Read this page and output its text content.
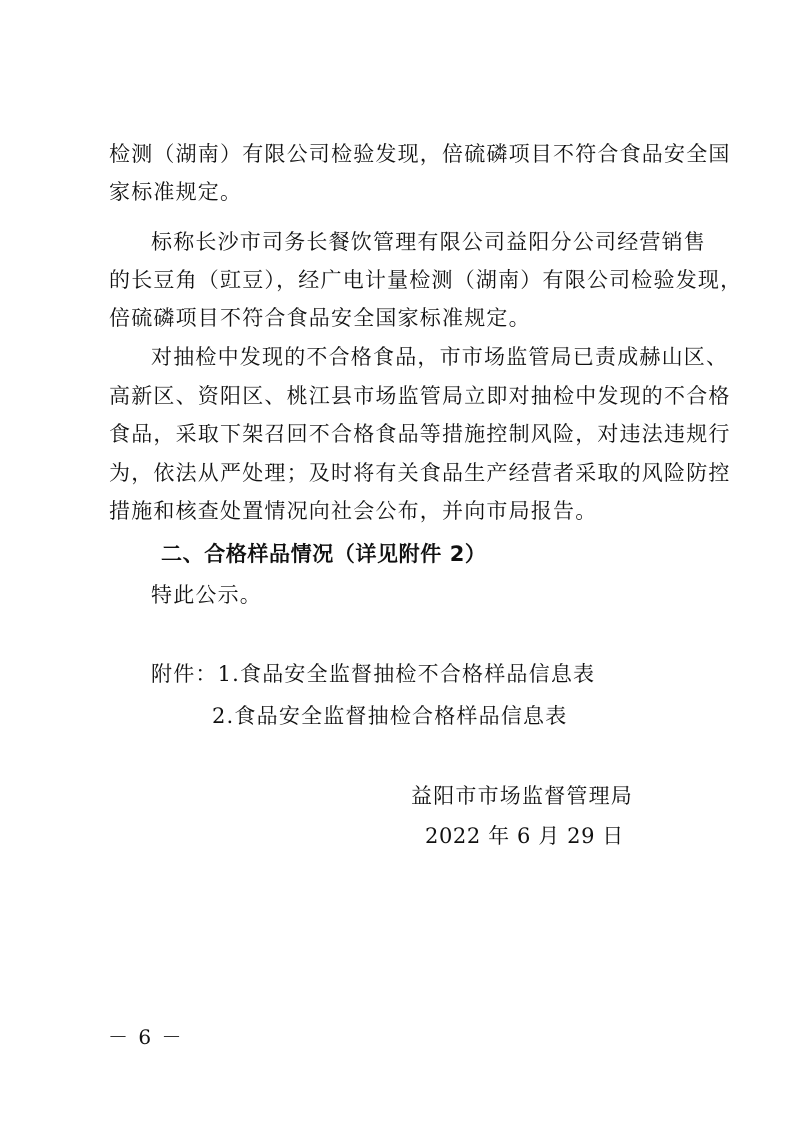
检测（湖南）有限公司检验发现，倍硫磷项目不符合食品安全国
家标准规定。
标称长沙市司务长餐饮管理有限公司益阳分公司经营销售
的长豆角（豇豆），经广电计量检测（湖南）有限公司检验发现，
倍硫磷项目不符合食品安全国家标准规定。
对抽检中发现的不合格食品，市市场监管局已责成赫山区、
高新区、资阳区、桃江县市场监管局立即对抽检中发现的不合格
食品，采取下架召回不合格食品等措施控制风险，对违法违规行
为，依法从严处理；及时将有关食品生产经营者采取的风险防控
措施和核查处置情况向社会公布，并向市局报告。
二、合格样品情况（详见附件 2）
特此公示。
附件：1.食品安全监督抽检不合格样品信息表
2.食品安全监督抽检合格样品信息表
益阳市市场监督管理局
2022 年 6 月 29 日
－ 6 －
